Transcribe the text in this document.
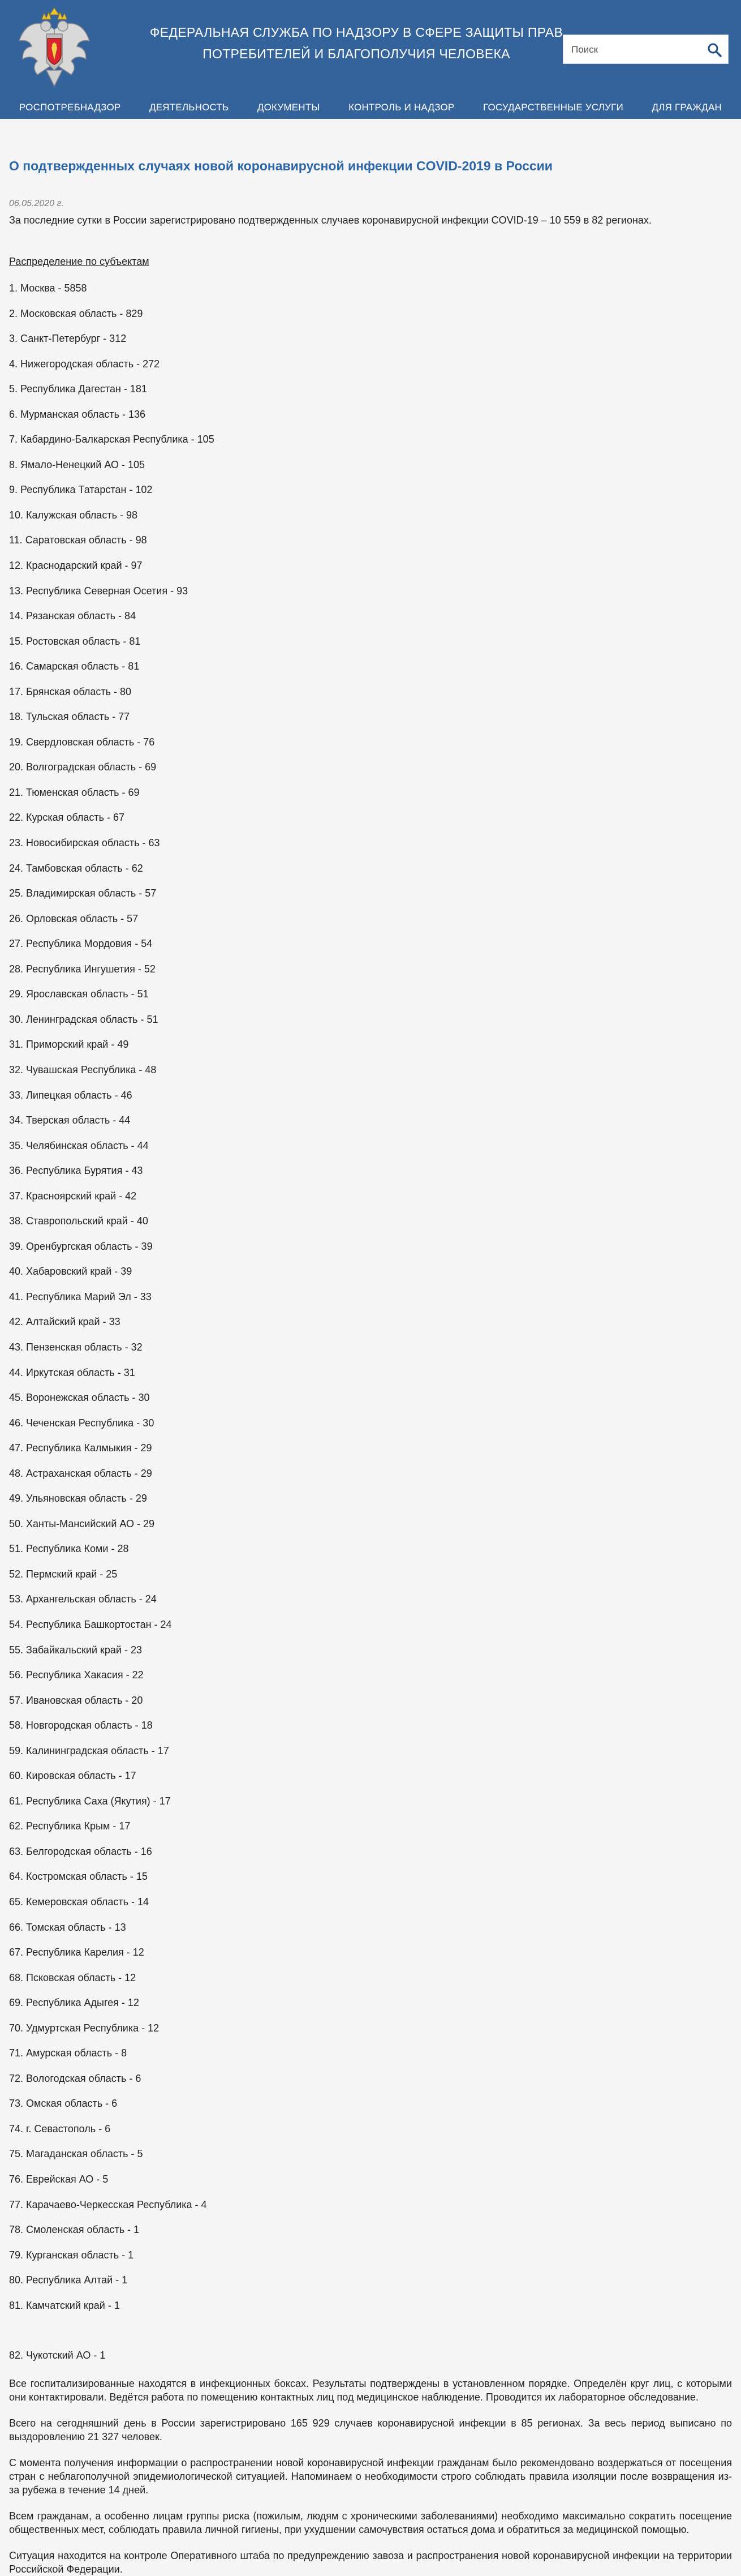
ФЕДЕРАЛЬНАЯ СЛУЖБА ПО НАДЗОРУ В СФЕРЕ ЗАЩИТЫ ПРАВ
ПОТРЕБИТЕЛЕЙ И БЛАГОПОЛУЧИЯ ЧЕЛОВЕКА
Поиск
РОСПОТРЕБНАДЗОР	ДЕЯТЕЛЬНОСТЬ	ДОКУМЕНТЫ	КОНТРОЛЬ И НАДЗОР	ГОСУДАРСТВЕННЫЕ УСЛУГИ	ДЛЯ ГРАЖДАН
О подтвержденных случаях новой коронавирусной инфекции COVID-2019 в России

06.05.2020 г.

За последние сутки в России зарегистрировано подтвержденных случаев коронавирусной инфекции COVID-19 – 10 559 в 82 регионах.

Распределение по субъектам

1. Москва - 5858
2. Московская область - 829
3. Санкт-Петербург - 312
4. Нижегородская область - 272
5. Республика Дагестан - 181
6. Мурманская область - 136
7. Кабардино-Балкарская Республика - 105
8. Ямало-Ненецкий АО - 105
9. Республика Татарстан - 102
10. Калужская область - 98
11. Саратовская область - 98
12. Краснодарский край - 97
13. Республика Северная Осетия - 93
14. Рязанская область - 84
15. Ростовская область - 81
16. Самарская область - 81
17. Брянская область - 80
18. Тульская область - 77
19. Свердловская область - 76
20. Волгоградская область - 69
21. Тюменская область - 69
22. Курская область - 67
23. Новосибирская область - 63
24. Тамбовская область - 62
25. Владимирская область - 57
26. Орловская область - 57
27. Республика Мордовия - 54
28. Республика Ингушетия - 52
29. Ярославская область - 51
30. Ленинградская область - 51
31. Приморский край - 49
32. Чувашская Республика - 48
33. Липецкая область - 46
34. Тверская область - 44
35. Челябинская область - 44
36. Республика Бурятия - 43
37. Красноярский край - 42
38. Ставропольский край - 40
39. Оренбургская область - 39
40. Хабаровский край - 39
41. Республика Марий Эл - 33
42. Алтайский край - 33
43. Пензенская область - 32
44. Иркутская область - 31
45. Воронежская область - 30
46. Чеченская Республика - 30
47. Республика Калмыкия - 29
48. Астраханская область - 29
49. Ульяновская область - 29
50. Ханты-Мансийский АО - 29
51. Республика Коми - 28
52. Пермский край - 25
53. Архангельская область - 24
54. Республика Башкортостан - 24
55. Забайкальский край - 23
56. Республика Хакасия - 22
57. Ивановская область - 20
58. Новгородская область - 18
59. Калининградская область - 17
60. Кировская область - 17
61. Республика Саха (Якутия) - 17
62. Республика Крым - 17
63. Белгородская область - 16
64. Костромская область - 15
65. Кемеровская область - 14
66. Томская область - 13
67. Республика Карелия - 12
68. Псковская область - 12
69. Республика Адыгея - 12
70. Удмуртская Республика - 12
71. Амурская область - 8
72. Вологодская область - 6
73. Омская область - 6
74. г. Севастополь - 6
75. Магаданская область - 5
76. Еврейская АО - 5
77. Карачаево-Черкесская Республика - 4
78. Смоленская область - 1
79. Курганская область - 1
80. Республика Алтай - 1
81. Камчатский край - 1
82. Чукотский АО - 1

Все госпитализированные находятся в инфекционных боксах. Результаты подтверждены в установленном порядке. Определён круг лиц, с которыми они контактировали. Ведётся работа по помещению контактных лиц под медицинское наблюдение. Проводится их лабораторное обследование.

Всего на сегодняшний день в России зарегистрировано 165 929 случаев коронавирусной инфекции в 85 регионах. За весь период выписано по выздоровлению 21 327 человек.

С момента получения информации о распространении новой коронавирусной инфекции гражданам было рекомендовано воздержаться от посещения стран с неблагополучной эпидемиологической ситуацией. Напоминаем о необходимости строго соблюдать правила изоляции после возвращения из-за рубежа в течение 14 дней.

Всем гражданам, а особенно лицам группы риска (пожилым, людям с хроническими заболеваниями) необходимо максимально сократить посещение общественных мест, соблюдать правила личной гигиены, при ухудшении самочувствия остаться дома и обратиться за медицинской помощью.

Ситуация находится на контроле Оперативного штаба по предупреждению завоза и распространения новой коронавирусной инфекции на территории Российской Федерации.
